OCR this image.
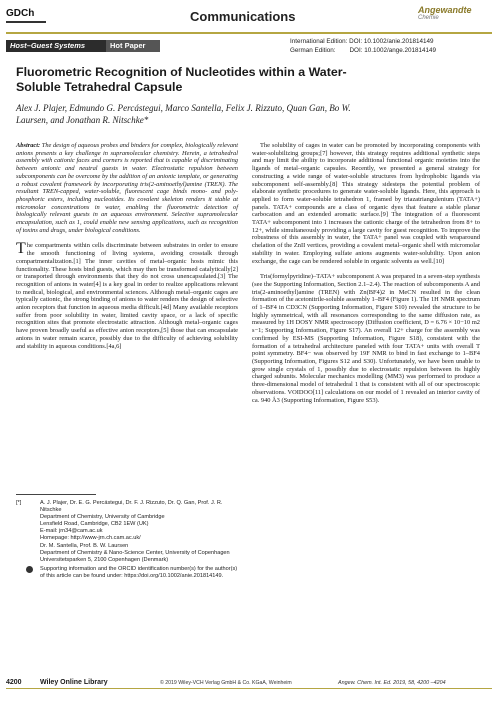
GDCh	Communications	Angewandte
Chemie
Host–Guest Systems	Hot Paper	International Edition: DOI: 10.1002/anie.201814149
German Edition:        DOI: 10.1002/ange.201814149
Fluorometric Recognition of Nucleotides within a Water-Soluble Tetrahedral Capsule
Alex J. Plajer, Edmundo G. Percástegui, Marco Santella, Felix J. Rizzuto, Quan Gan, Bo W. Laursen, and Jonathan R. Nitschke*

Abstract: The design of aqueous probes and binders for complex, biologically relevant anions presents a key challenge in supramolecular chemistry. Herein, a tetrahedral assembly with cationic faces and corners is reported that is capable of discriminating between anionic and neutral guests in water. Electrostatic repulsion between subcomponents can be overcome by the addition of an anionic template, or generating a robust covalent framework by incorporating tris(2-aminoethyl)amine (TREN). The resultant TREN-capped, water-soluble, fluorescent cage binds mono- and poly-phosphoric esters, including nucleotides. Its covalent skeleton renders it stable at micromolar concentrations in water, enabling the fluorometric detection of biologically relevant guests in an aqueous environment. Selective supramolecular encapsulation, such as 1, could enable new sensing applications, such as recognition of toxins and drugs, under biological conditions.

The compartments within cells discriminate between substrates in order to ensure the smooth functioning of living systems, avoiding crosstalk through compartmentalization.[1] The inner cavities of metal–organic hosts mimic this functionality. These hosts bind guests, which may then be transformed catalytically[2] or transported through environments that they do not cross unencapsulated.[3] The recognition of anions in water[4] is a key goal in order to realize applications relevant to medical, biological, and environmental sciences. Although metal–organic cages are typically cationic, the strong binding of anions to water renders the design of selective anion receptors that function in aqueous media difficult.[4d] Many available receptors suffer from poor solubility in water, limited cavity space, or a lack of specific recognition sites that promote electrostatic attraction. Although metal–organic cages have proven broadly useful as effective anion receptors,[5] those that can encapsulate anions in water remain scarce, possibly due to the difficulty of achieving solubility and stability in aqueous conditions.[4a,6]

[*]	A. J. Plajer, Dr. E. G. Percástegui, Dr. F. J. Rizzuto, Dr. Q. Gan, Prof. J. R. Nitschke
Department of Chemistry, University of Cambridge
Lensfield Road, Cambridge, CB2 1EW (UK)
E-mail: jrn34@cam.ac.uk
Homepage: http://www-jrn.ch.cam.ac.uk/
Dr. M. Santella, Prof. B. W. Laursen
Department of Chemistry & Nano-Science Center, University of Copenhagen
Universitetsparken 5, 2100 Copenhagen (Denmark)
Supporting information and the ORCID identification number(s) for the author(s) of this article can be found under: https://doi.org/10.1002/anie.201814149.

The solubility of cages in water can be promoted by incorporating components with water-solubilizing groups;[7] however, this strategy requires additional synthetic steps and may limit the ability to incorporate additional functional organic moieties into the ligands of metal–organic capsules. Recently, we presented a general strategy for constructing a wide range of water-soluble structures from hydrophobic ligands via subcomponent self-assembly.[8] This strategy sidesteps the potential problem of elaborate synthetic procedures to generate water-soluble ligands. Here, this approach is applied to form water-soluble tetrahedron 1, framed by triazatriangulenium (TATA+) panels. TATA+ compounds are a class of organic dyes that feature a stable planar carbocation and an extended aromatic surface.[9] The integration of a fluorescent TATA+ subcomponent into 1 increases the cationic charge of the tetrahedron from 8+ to 12+, while simultaneously providing a large cavity for guest recognition. To improve the robustness of this assembly in water, the TATA+ panel was coupled with wraparound chelation of the ZnII vertices, providing a covalent metal–organic shell with micromolar stability in water. Employing sulfate anions augments water-solubility. Upon anion exchange, the cage can be rendered soluble in organic solvents as well.[10]

Tris(formylpyridine)–TATA+ subcomponent A was prepared in a seven-step synthesis (see the Supporting Information, Section 2.1–2.4). The reaction of subcomponents A and tris(2-aminoethyl)amine (TREN) with Zn(BF4)2 in MeCN resulted in the clean formation of the acetonitrile-soluble assembly 1–BF4 (Figure 1). The 1H NMR spectrum of 1–BF4 in CD3CN (Supporting Information, Figure S10) revealed the structure to be highly symmetrical, with all resonances corresponding to the same diffusion rate, as measured by 1H DOSY NMR spectroscopy (Diffusion coefficient, D = 6.76 × 10−10 m2 s−1; Supporting Information, Figure S17). An overall 12+ charge for the assembly was confirmed by ESI-MS (Supporting Information, Figure S18), consistent with the formation of a tetrahedral architecture paneled with four TATA+ units with overall T point symmetry. BF4− was observed by 19F NMR to bind in fast exchange to 1–BF4 (Supporting Information, Figures S12 and S30). Unfortunately, we have been unable to grow single crystals of 1, possibly due to electrostatic repulsion between its highly charged subunits. Molecular mechanics modelling (MM3) was performed to produce a three-dimensional model of tetrahedral 1 that is consistent with all of our spectroscopic observations. VOIDOO[11] calculations on our model of 1 revealed an interior cavity of ca. 940 Å3 (Supporting Information, Figure S53).

4200	Wiley Online Library	© 2019 Wiley-VCH Verlag GmbH & Co. KGaA, Weinheim	Angew. Chem. Int. Ed. 2019, 58, 4200 –4204
